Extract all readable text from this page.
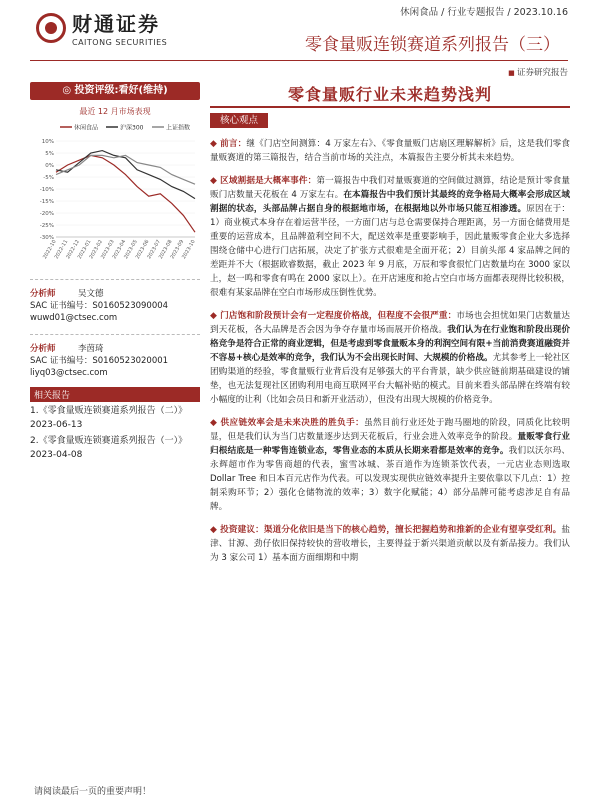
财通证券
CAITONG SECURITIES
休闲食品 / 行业专题报告 / 2023.10.16
零食量贩连锁赛道系列报告（三）
■ 证券研究报告
◎ 投资评级:看好(维持)
最近 12 月市场表现
休闲食品	沪深300	上证指数
10%
5%
0%
-5%
-10%
-15%
-20%
-25%
-30%
2022-10
2022-11
2022-12
2023-01
2023-02
2023-03
2023-04
2023-05
2023-06
2023-07
2023-08
2023-09
2023-10
分析师	吴文德
SAC 证书编号：S0160523090004
wuwd01@ctsec.com
分析师	李茵琦
SAC 证书编号：S0160523020001
liyq03@ctsec.com
相关报告
1.《零食量贩连锁赛道系列报告（二）》
2023-06-13
2.《零食量贩连锁赛道系列报告（一）》
2023-04-08
零食量贩行业未来趋势浅判
核心观点
◆ 前言：继《门店空间测算：4 万家左右》、《零食量贩门店扇区理解解析》后，这是我们零食量贩赛道的第三篇报告，结合当前市场的关注点，本篇报告主要分析其未来趋势。
◆ 区域割据是大概率事件：第一篇报告中我们对量贩赛道的空间做过测算，结论是预计零食量贩门店数量天花板在 4 万家左右。在本篇报告中我们预计其最终的竞争格局大概率会形成区域割据的状态，头部品牌占据自身的根据地市场，在根据地以外市场只能互相渗透。原因在于：1）商业模式本身存在着运营半径，一方面门店与总仓需要保持合理距离，另一方面仓储费用是重要的运营成本，且品牌盈利空间不大，配送效率是重要影响手，因此量贩零食企业大多选择围绕仓储中心进行门店拓展，决定了扩张方式很难是全面开花；2）目前头部 4 家品牌之间的差距并不大（根据欧睿数据，截止 2023 年 9 月底，万辰和零食很忙门店数量均在 3000 家以上，赵一鸣和零食有鸣在 2000 家以上）。在开店速度和抢占空白市场方面都表现得比较积极，很难有某家品牌在空白市场形成压倒性优势。
◆ 门店饱和阶段预计会有一定程度价格战，但程度不会很严重：市场也会担忧如果门店数量达到天花板，各大品牌是否会因为争夺存量市场而展开价格战。我们认为在行业饱和阶段出现价格竞争是符合正常的商业逻辑，但是考虑到零食量贩本身的利润空间有限+当前消费赛道融资并不容易+核心是效率的竞争，我们认为不会出现长时间、大规模的价格战。尤其参考上一轮社区团购渠道的经验，零食量贩行业背后没有足够强大的平台背景，缺少供应链前期基础建设的铺垫，也无法复现社区团购利用电商互联网平台大幅补贴的模式。目前来看头部品牌在终端有较小幅度的让利（比如会员日和新开业活动），但没有出现大规模的价格竞争。
◆ 供应链效率会是未来决胜的胜负手：虽然目前行业还处于跑马圈地的阶段，同质化比较明显，但是我们认为当门店数量逐步达到天花板后，行业会进入效率竞争的阶段。量贩零食行业归根结底是一种零售连锁业态，零售业态的本质从长期来看都是效率的竞争。我们以沃尔玛、永辉超市作为零售商超的代表，蜜雪冰城、茶百道作为连锁茶饮代表，一元店业态则选取 Dollar Tree 和日本百元店作为代表。可以发现实现供应链效率提升主要依靠以下几点：1）控制采购环节；2）强化仓储物流的效率；3）数字化赋能；4）部分品牌可能考虑涉足自有品牌。
◆ 投资建议：渠道分化依旧是当下的核心趋势，擅长把握趋势和推新的企业有望享受红利。盐津、甘源、劲仔依旧保持较快的营收增长，主要得益于新兴渠道贡献以及有新品接力。我们认为 3 家公司 1）基本面方面细期和中期
请阅读最后一页的重要声明！
